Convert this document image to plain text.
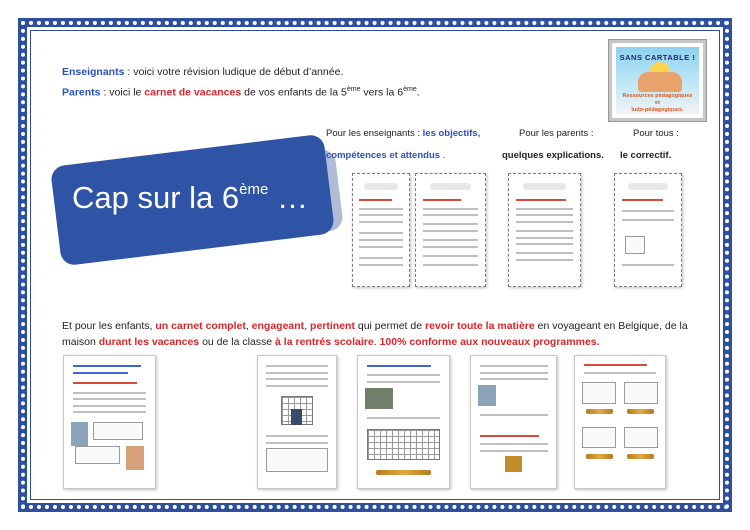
Enseignants : voici votre révision ludique de début d’année.
Parents : voici le carnet de vacances de vos enfants de la 5ème vers la 6ème.
SANS CARTABLE !
Ressources pédagogiques
et
ludo-pédagogiques.
Cap sur la 6ème …
Pour les enseignants : les objectifs,
compétences et attendus .
Pour les parents :
quelques explications.
Pour tous :
le correctif.
Et pour les enfants, un carnet complet, engageant, pertinent qui permet de revoir toute la matière en voyageant en Belgique, de la
maison durant les vacances ou de la classe à la rentrés scolaire. 100% conforme aux nouveaux programmes.
